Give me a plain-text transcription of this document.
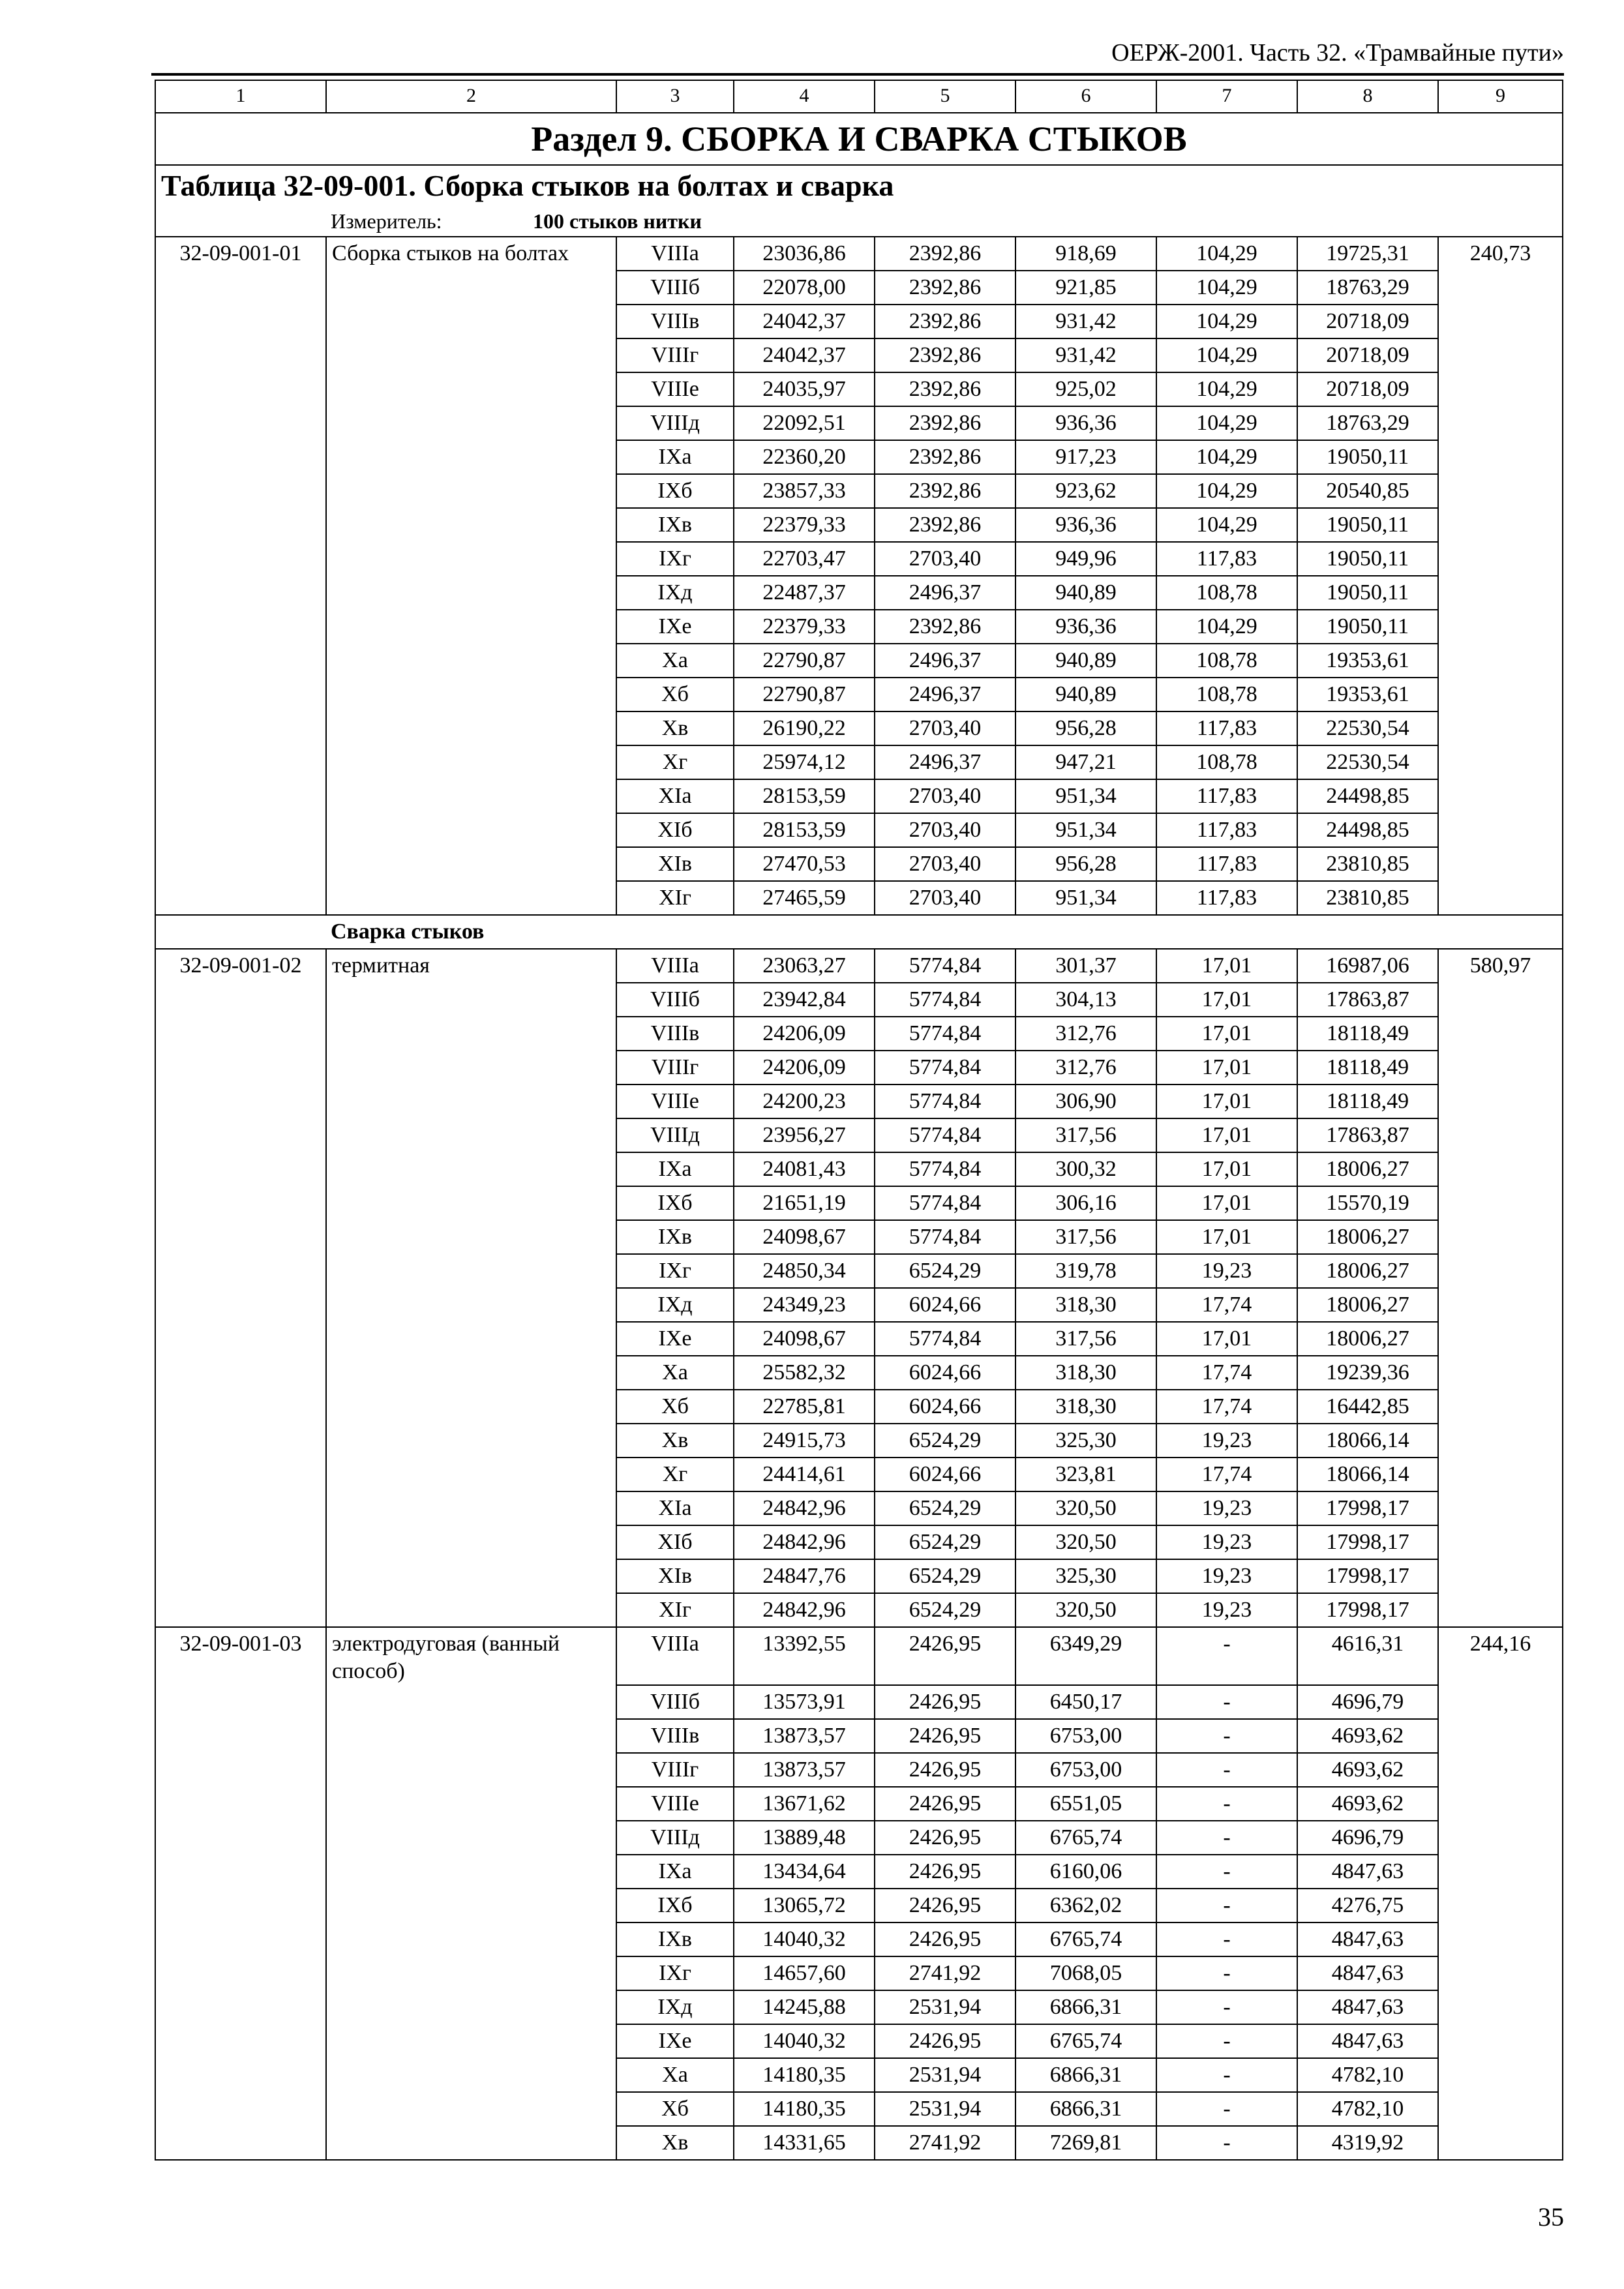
ОЕРЖ-2001. Часть 32. «Трамвайные пути»
1	2	3	4	5	6	7	8	9
Раздел 9. СБОРКА И СВАРКА СТЫКОВ								
Таблица 32-09-001. Сборка стыков на болтах и сварка								
Измеритель: 100 стыков нитки								
32-09-001-01	Сборка стыков на болтах	VIIIа	23036,86	2392,86	918,69	104,29	19725,31	240,73
		VIIIб	22078,00	2392,86	921,85	104,29	18763,29	
		VIIIв	24042,37	2392,86	931,42	104,29	20718,09	
		VIIIг	24042,37	2392,86	931,42	104,29	20718,09	
		VIIIе	24035,97	2392,86	925,02	104,29	20718,09	
		VIIIд	22092,51	2392,86	936,36	104,29	18763,29	
		IXа	22360,20	2392,86	917,23	104,29	19050,11	
		IXб	23857,33	2392,86	923,62	104,29	20540,85	
		IXв	22379,33	2392,86	936,36	104,29	19050,11	
		IXг	22703,47	2703,40	949,96	117,83	19050,11	
		IXд	22487,37	2496,37	940,89	108,78	19050,11	
		IXе	22379,33	2392,86	936,36	104,29	19050,11	
		Xа	22790,87	2496,37	940,89	108,78	19353,61	
		Xб	22790,87	2496,37	940,89	108,78	19353,61	
		Xв	26190,22	2703,40	956,28	117,83	22530,54	
		Xг	25974,12	2496,37	947,21	108,78	22530,54	
		XIа	28153,59	2703,40	951,34	117,83	24498,85	
		XIб	28153,59	2703,40	951,34	117,83	24498,85	
		XIв	27470,53	2703,40	956,28	117,83	23810,85	
		XIг	27465,59	2703,40	951,34	117,83	23810,85	
Сварка стыков								
32-09-001-02	термитная	VIIIа	23063,27	5774,84	301,37	17,01	16987,06	580,97
		VIIIб	23942,84	5774,84	304,13	17,01	17863,87	
		VIIIв	24206,09	5774,84	312,76	17,01	18118,49	
		VIIIг	24206,09	5774,84	312,76	17,01	18118,49	
		VIIIе	24200,23	5774,84	306,90	17,01	18118,49	
		VIIIд	23956,27	5774,84	317,56	17,01	17863,87	
		IXа	24081,43	5774,84	300,32	17,01	18006,27	
		IXб	21651,19	5774,84	306,16	17,01	15570,19	
		IXв	24098,67	5774,84	317,56	17,01	18006,27	
		IXг	24850,34	6524,29	319,78	19,23	18006,27	
		IXд	24349,23	6024,66	318,30	17,74	18006,27	
		IXе	24098,67	5774,84	317,56	17,01	18006,27	
		Xа	25582,32	6024,66	318,30	17,74	19239,36	
		Xб	22785,81	6024,66	318,30	17,74	16442,85	
		Xв	24915,73	6524,29	325,30	19,23	18066,14	
		Xг	24414,61	6024,66	323,81	17,74	18066,14	
		XIа	24842,96	6524,29	320,50	19,23	17998,17	
		XIб	24842,96	6524,29	320,50	19,23	17998,17	
		XIв	24847,76	6524,29	325,30	19,23	17998,17	
		XIг	24842,96	6524,29	320,50	19,23	17998,17	
32-09-001-03	электродуговая (ванный способ)	VIIIа	13392,55	2426,95	6349,29	-	4616,31	244,16
		VIIIб	13573,91	2426,95	6450,17	-	4696,79	
		VIIIв	13873,57	2426,95	6753,00	-	4693,62	
		VIIIг	13873,57	2426,95	6753,00	-	4693,62	
		VIIIе	13671,62	2426,95	6551,05	-	4693,62	
		VIIIд	13889,48	2426,95	6765,74	-	4696,79	
		IXа	13434,64	2426,95	6160,06	-	4847,63	
		IXб	13065,72	2426,95	6362,02	-	4276,75	
		IXв	14040,32	2426,95	6765,74	-	4847,63	
		IXг	14657,60	2741,92	7068,05	-	4847,63	
		IXд	14245,88	2531,94	6866,31	-	4847,63	
		IXе	14040,32	2426,95	6765,74	-	4847,63	
		Xа	14180,35	2531,94	6866,31	-	4782,10	
		Xб	14180,35	2531,94	6866,31	-	4782,10	
		Xв	14331,65	2741,92	7269,81	-	4319,92	
35
